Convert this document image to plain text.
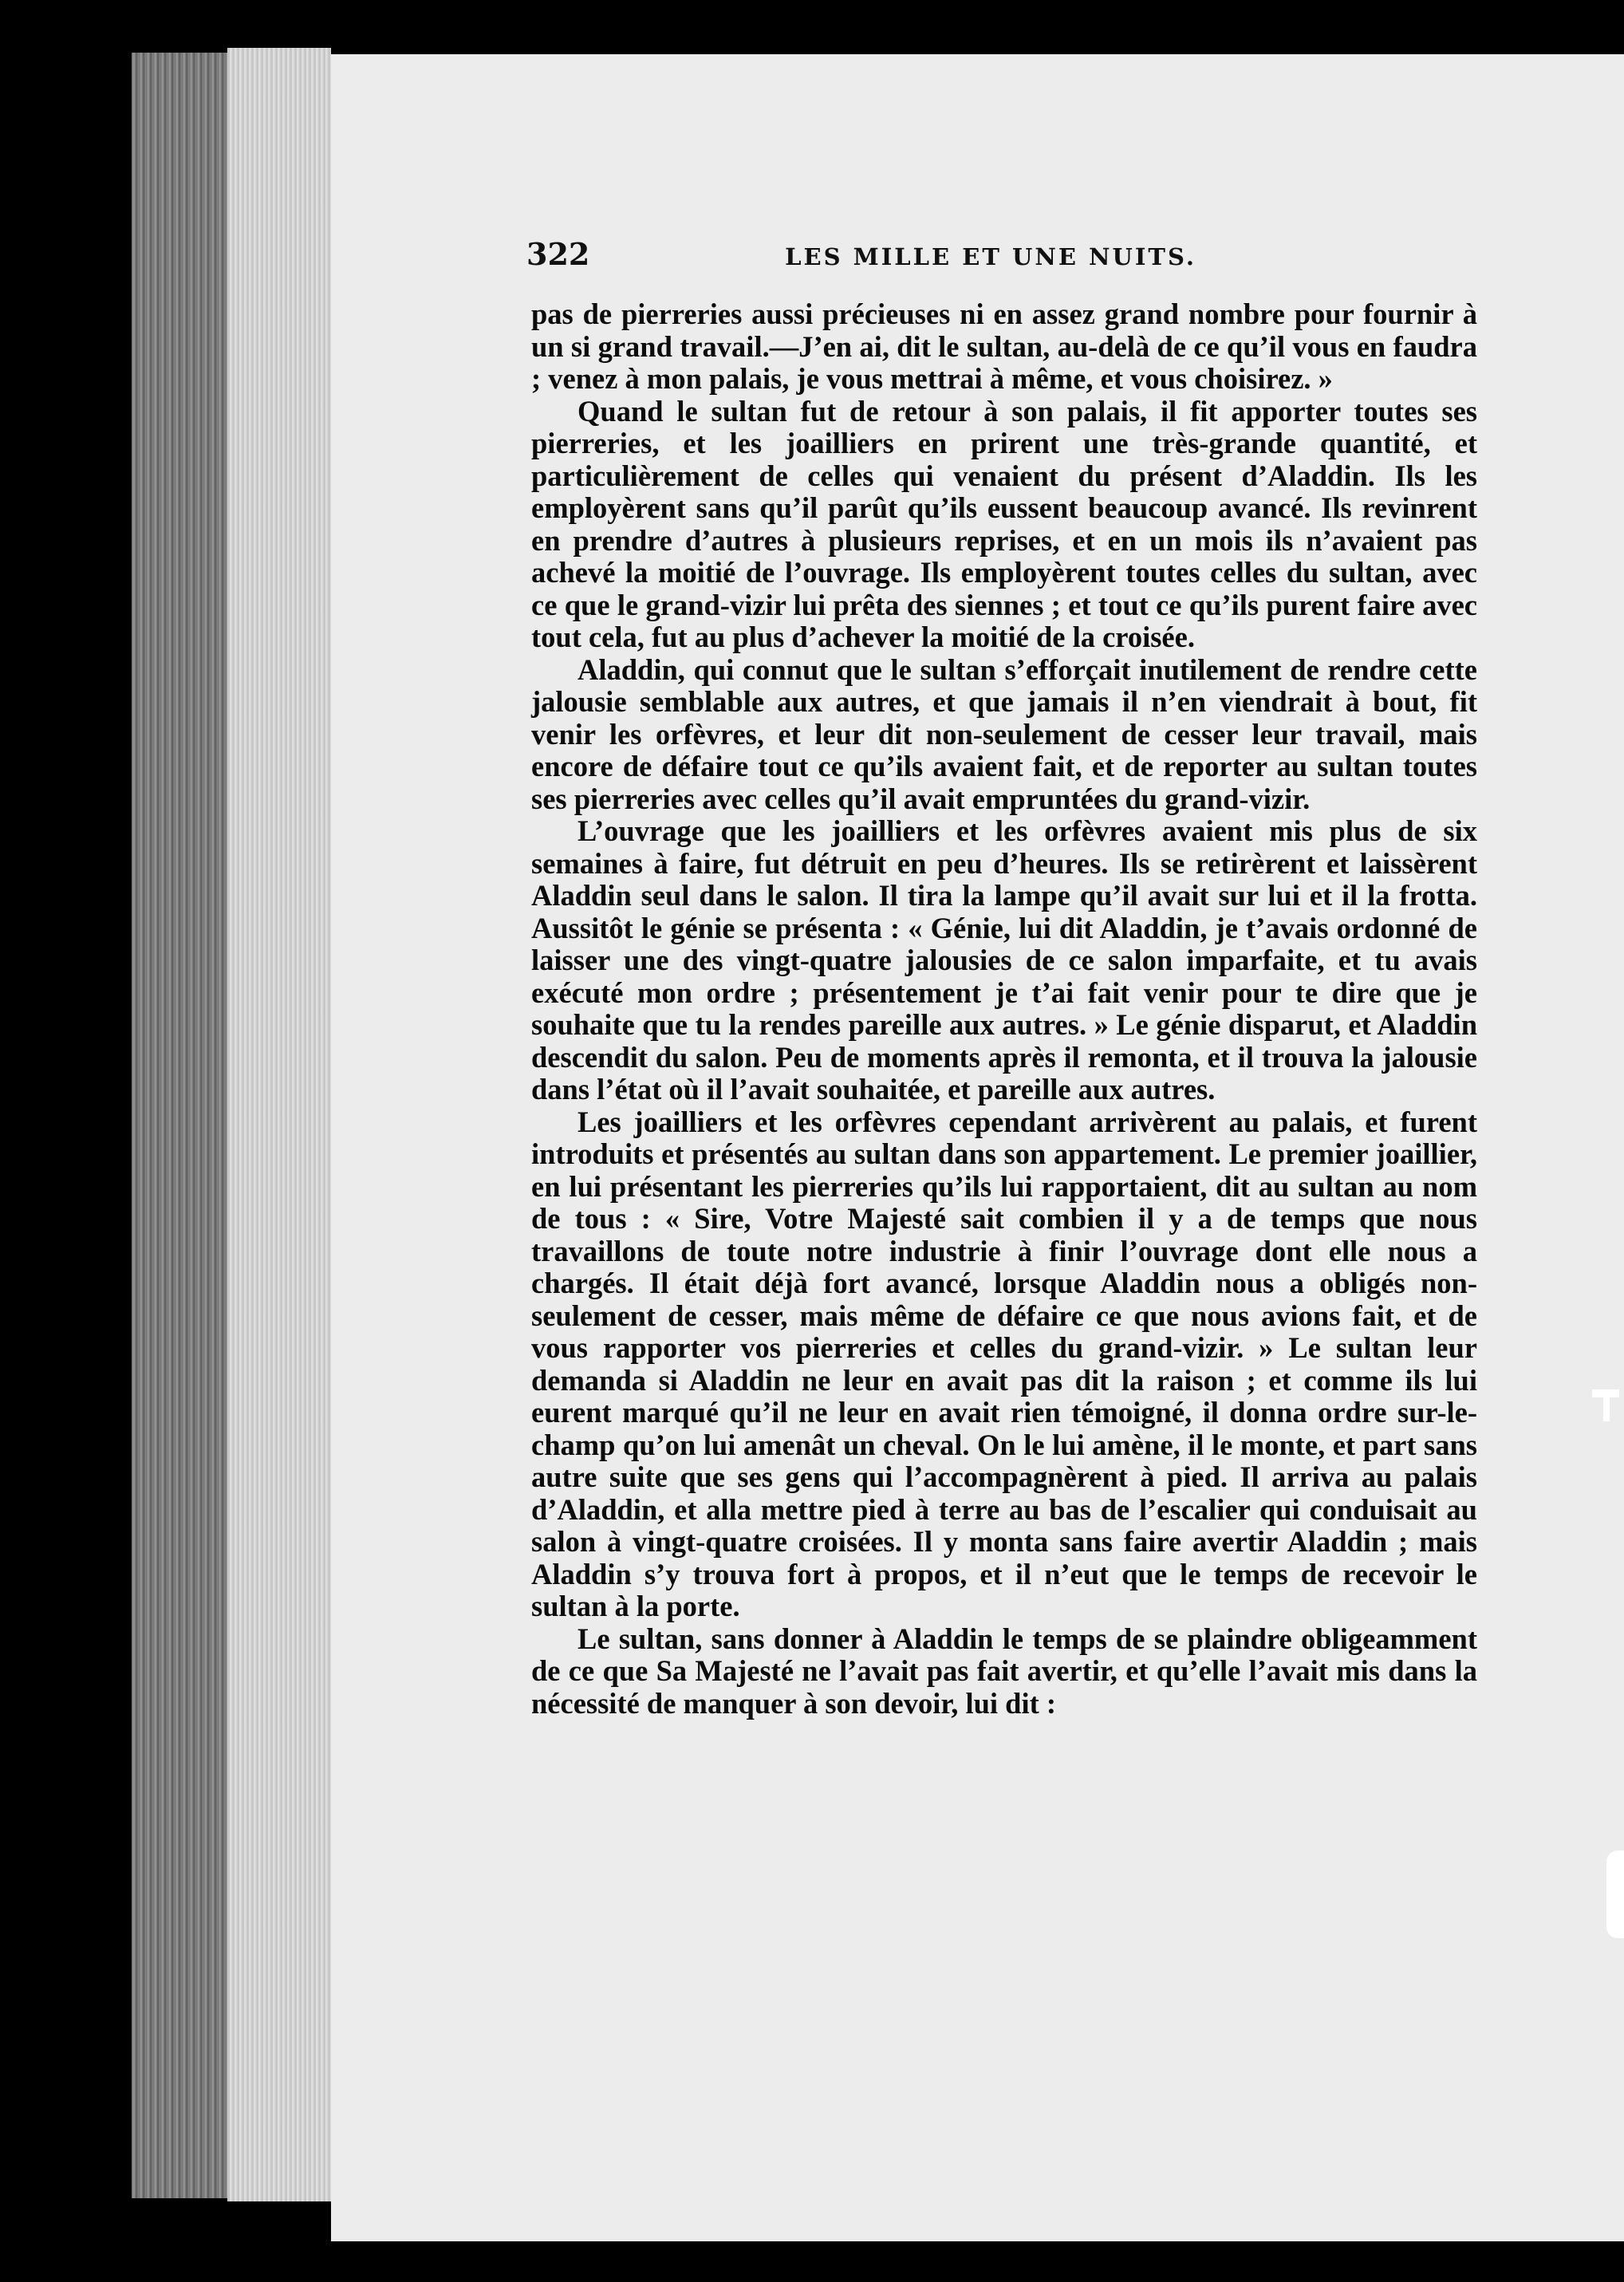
322	LES MILLE ET UNE NUITS.

pas de pierreries aussi précieuses ni en assez grand nombre pour fournir à un si grand travail.—J’en ai, dit le sultan, au-delà de ce qu’il vous en faudra ; venez à mon palais, je vous mettrai à même, et vous choisirez. »

Quand le sultan fut de retour à son palais, il fit apporter toutes ses pierreries, et les joailliers en prirent une très-grande quantité, et particulièrement de celles qui venaient du présent d’Aladdin. Ils les employèrent sans qu’il parût qu’ils eussent beaucoup avancé. Ils revinrent en prendre d’autres à plusieurs reprises, et en un mois ils n’avaient pas achevé la moitié de l’ouvrage. Ils employèrent toutes celles du sultan, avec ce que le grand-vizir lui prêta des siennes ; et tout ce qu’ils purent faire avec tout cela, fut au plus d’achever la moitié de la croisée.

Aladdin, qui connut que le sultan s’efforçait inutilement de rendre cette jalousie semblable aux autres, et que jamais il n’en viendrait à bout, fit venir les orfèvres, et leur dit non-seulement de cesser leur travail, mais encore de défaire tout ce qu’ils avaient fait, et de reporter au sultan toutes ses pierreries avec celles qu’il avait empruntées du grand-vizir.

L’ouvrage que les joailliers et les orfèvres avaient mis plus de six semaines à faire, fut détruit en peu d’heures. Ils se retirèrent et laissèrent Aladdin seul dans le salon. Il tira la lampe qu’il avait sur lui et il la frotta. Aussitôt le génie se présenta : « Génie, lui dit Aladdin, je t’avais ordonné de laisser une des vingt-quatre jalousies de ce salon imparfaite, et tu avais exécuté mon ordre ; présentement je t’ai fait venir pour te dire que je souhaite que tu la rendes pareille aux autres. » Le génie disparut, et Aladdin descendit du salon. Peu de moments après il remonta, et il trouva la jalousie dans l’état où il l’avait souhaitée, et pareille aux autres.

Les joailliers et les orfèvres cependant arrivèrent au palais, et furent introduits et présentés au sultan dans son appartement. Le premier joaillier, en lui présentant les pierreries qu’ils lui rapportaient, dit au sultan au nom de tous : « Sire, Votre Majesté sait combien il y a de temps que nous travaillons de toute notre industrie à finir l’ouvrage dont elle nous a chargés. Il était déjà fort avancé, lorsque Aladdin nous a obligés non-seulement de cesser, mais même de défaire ce que nous avions fait, et de vous rapporter vos pierreries et celles du grand-vizir. » Le sultan leur demanda si Aladdin ne leur en avait pas dit la raison ; et comme ils lui eurent marqué qu’il ne leur en avait rien témoigné, il donna ordre sur-le-champ qu’on lui amenât un cheval. On le lui amène, il le monte, et part sans autre suite que ses gens qui l’accompagnèrent à pied. Il arriva au palais d’Aladdin, et alla mettre pied à terre au bas de l’escalier qui conduisait au salon à vingt-quatre croisées. Il y monta sans faire avertir Aladdin ; mais Aladdin s’y trouva fort à propos, et il n’eut que le temps de recevoir le sultan à la porte.

Le sultan, sans donner à Aladdin le temps de se plaindre obligeamment de ce que Sa Majesté ne l’avait pas fait avertir, et qu’elle l’avait mis dans la nécessité de manquer à son devoir, lui dit :
